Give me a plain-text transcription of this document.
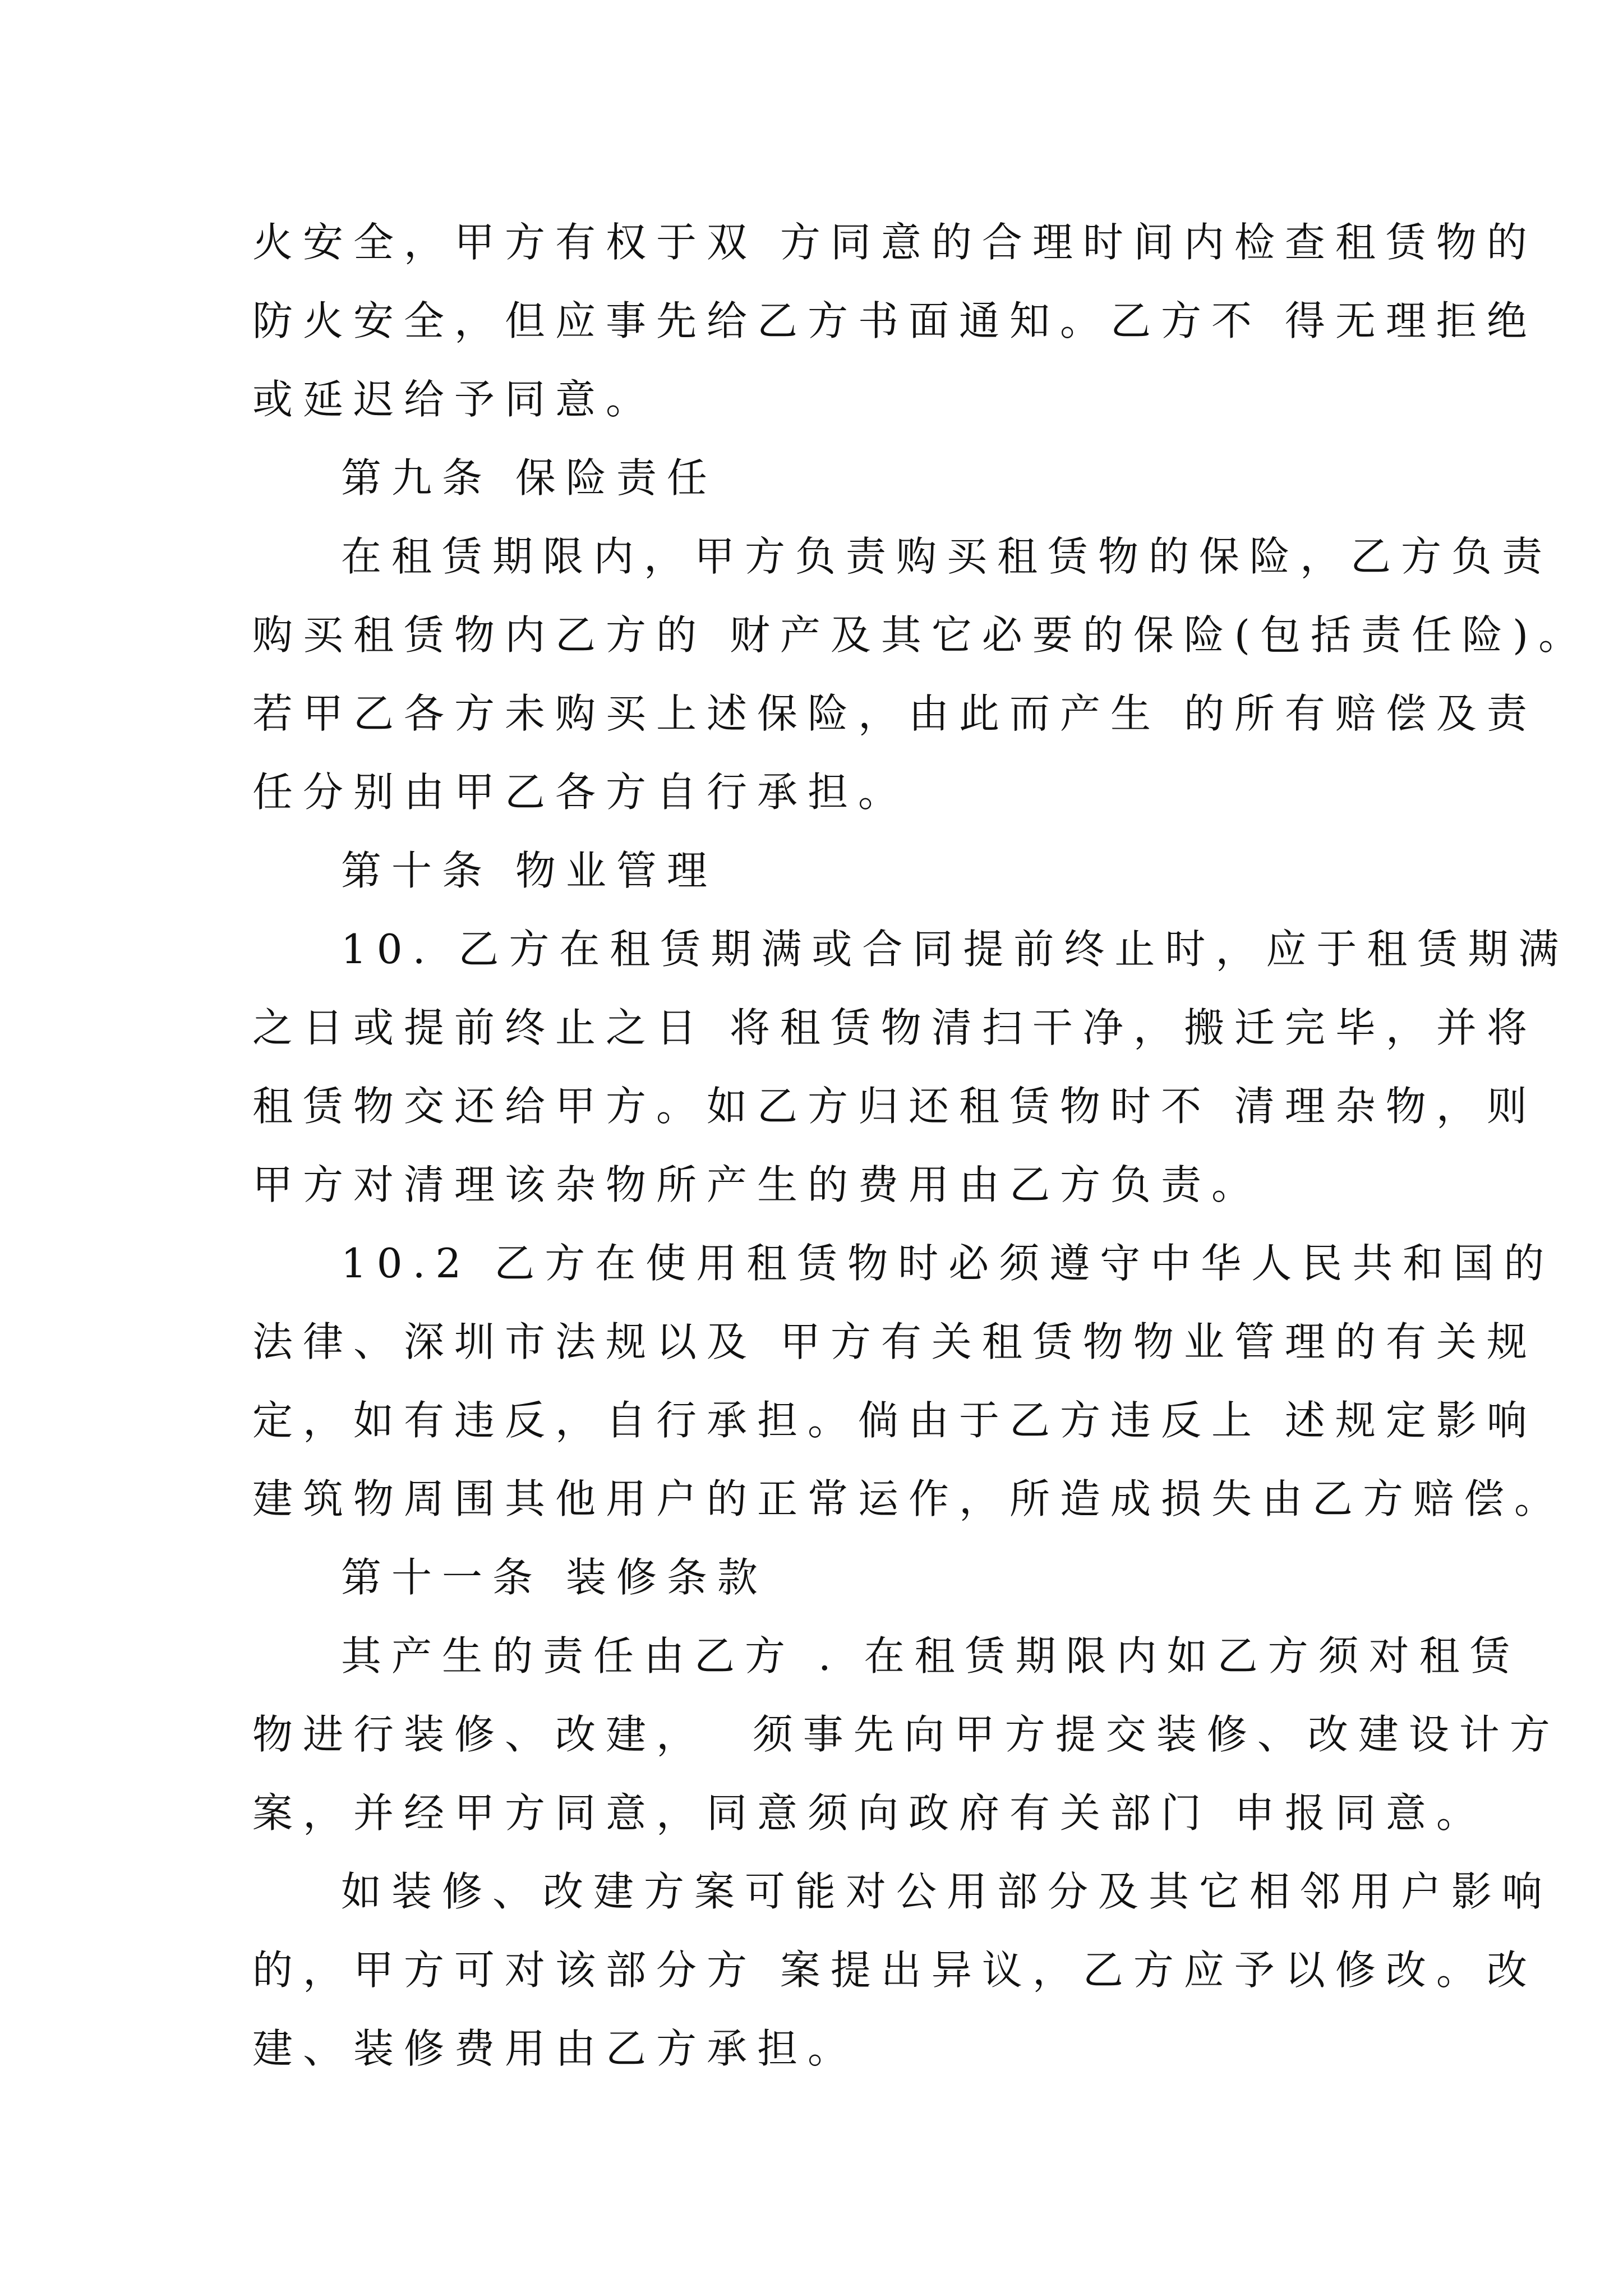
火安全，甲方有权于双 方同意的合理时间内检查租赁物的
防火安全，但应事先给乙方书面通知。乙方不 得无理拒绝
或延迟给予同意。
第九条 保险责任
在租赁期限内，甲方负责购买租赁物的保险，乙方负责
购买租赁物内乙方的 财产及其它必要的保险(包括责任险)。
若甲乙各方未购买上述保险，由此而产生 的所有赔偿及责
任分别由甲乙各方自行承担。
第十条 物业管理
10. 乙方在租赁期满或合同提前终止时，应于租赁期满
之日或提前终止之日 将租赁物清扫干净，搬迁完毕，并将
租赁物交还给甲方。如乙方归还租赁物时不 清理杂物，则
甲方对清理该杂物所产生的费用由乙方负责。
10.2 乙方在使用租赁物时必须遵守中华人民共和国的
法律、深圳市法规以及 甲方有关租赁物物业管理的有关规
定，如有违反，自行承担。倘由于乙方违反上 述规定影响
建筑物周围其他用户的正常运作，所造成损失由乙方赔偿。
第十一条 装修条款
其产生的责任由乙方 . 在租赁期限内如乙方须对租赁
物进行装修、改建，  须事先向甲方提交装修、改建设计方
案，并经甲方同意，同意须向政府有关部门 申报同意。
如装修、改建方案可能对公用部分及其它相邻用户影响
的，甲方可对该部分方 案提出异议，乙方应予以修改。改
建、装修费用由乙方承担。
